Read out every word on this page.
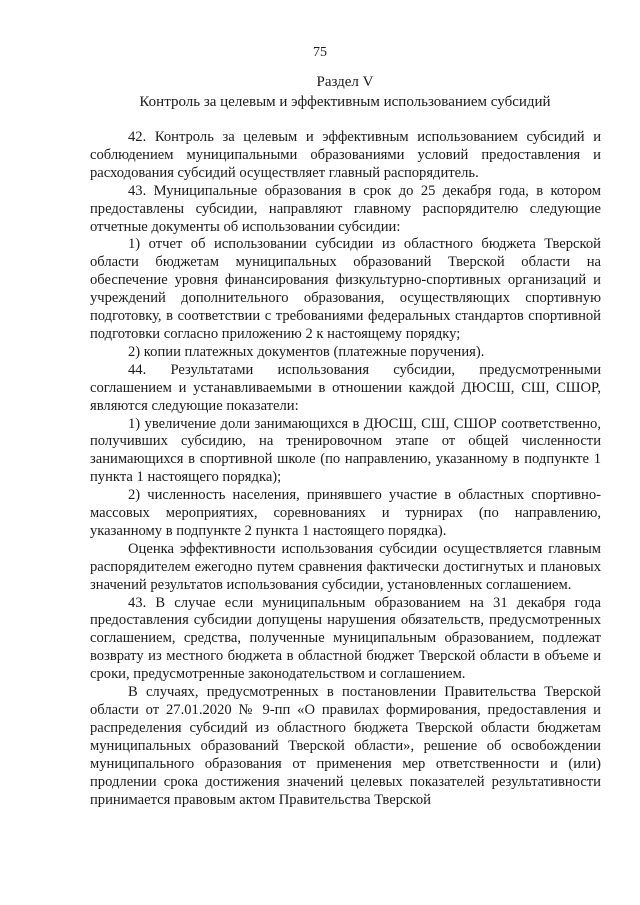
75
Раздел V
Контроль за целевым и эффективным использованием субсидий

42. Контроль за целевым и эффективным использованием субсидий и соблюдением муниципальными образованиями условий предоставления и расходования субсидий осуществляет главный распорядитель.

43. Муниципальные образования в срок до 25 декабря года, в котором предоставлены субсидии, направляют главному распорядителю следующие отчетные документы об использовании субсидии:

1) отчет об использовании субсидии из областного бюджета Тверской области бюджетам муниципальных образований Тверской области на обеспечение уровня финансирования физкультурно-спортивных организаций и учреждений дополнительного образования, осуществляющих спортивную подготовку, в соответствии с требованиями федеральных стандартов спортивной подготовки согласно приложению 2 к настоящему порядку;

2) копии платежных документов (платежные поручения).

44. Результатами использования субсидии, предусмотренными соглашением и устанавливаемыми в отношении каждой ДЮСШ, СШ, СШОР, являются следующие показатели:

1) увеличение доли занимающихся в ДЮСШ, СШ, СШОР соответственно, получивших субсидию, на тренировочном этапе от общей численности занимающихся в спортивной школе (по направлению, указанному в подпункте 1 пункта 1 настоящего порядка);

2) численность населения, принявшего участие в областных спортивно-массовых мероприятиях, соревнованиях и турнирах (по направлению, указанному в подпункте 2 пункта 1 настоящего порядка).

Оценка эффективности использования субсидии осуществляется главным распорядителем ежегодно путем сравнения фактически достигнутых и плановых значений результатов использования субсидии, установленных соглашением.

43. В случае если муниципальным образованием на 31 декабря года предоставления субсидии допущены нарушения обязательств, предусмотренных соглашением, средства, полученные муниципальным образованием, подлежат возврату из местного бюджета в областной бюджет Тверской области в объеме и сроки, предусмотренные законодательством и соглашением.

В случаях, предусмотренных в постановлении Правительства Тверской области от 27.01.2020 № 9-пп «О правилах формирования, предоставления и распределения субсидий из областного бюджета Тверской области бюджетам муниципальных образований Тверской области», решение об освобождении муниципального образования от применения мер ответственности и (или) продлении срока достижения значений целевых показателей результативности принимается правовым актом Правительства Тверской
